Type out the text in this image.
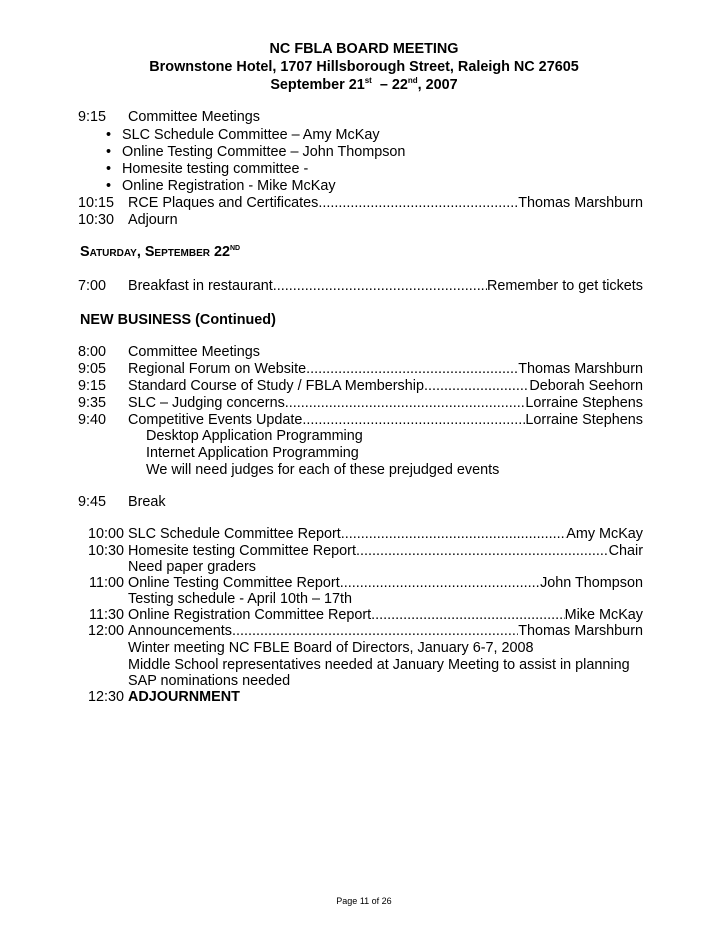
NC FBLA BOARD MEETING
Brownstone Hotel, 1707 Hillsborough Street, Raleigh NC 27605
September 21st – 22nd, 2007
9:15	Committee Meetings
• SLC Schedule Committee – Amy McKay
• Online Testing Committee – John Thompson
• Homesite testing committee -
• Online Registration - Mike McKay
10:15 RCE Plaques and Certificates .....	Thomas Marshburn
10:30 Adjourn
Saturday, September 22ND
7:00	Breakfast in restaurant .....	Remember to get tickets
NEW BUSINESS (Continued)
8:00	Committee Meetings
9:05	Regional Forum on Website .....	Thomas Marshburn
9:15	Standard Course of Study / FBLA Membership .....	Deborah Seehorn
9:35	SLC – Judging concerns .....	Lorraine Stephens
9:40	Competitive Events Update .....	Lorraine Stephens
Desktop Application Programming
Internet Application Programming
We will need judges for each of these prejudged events
9:45	Break
10:00 SLC Schedule Committee Report .....	Amy McKay
10:30 Homesite testing Committee Report .....	Chair
Need paper graders
11:00 Online Testing Committee Report .....	John Thompson
Testing schedule - April 10th – 17th
11:30 Online Registration Committee Report .....	Mike McKay
12:00 Announcements .....	Thomas Marshburn
Winter meeting NC FBLE Board of Directors, January 6-7, 2008
Middle School representatives needed at January Meeting to assist in planning
SAP nominations needed
12:30 ADJOURNMENT
Page 11 of 26
